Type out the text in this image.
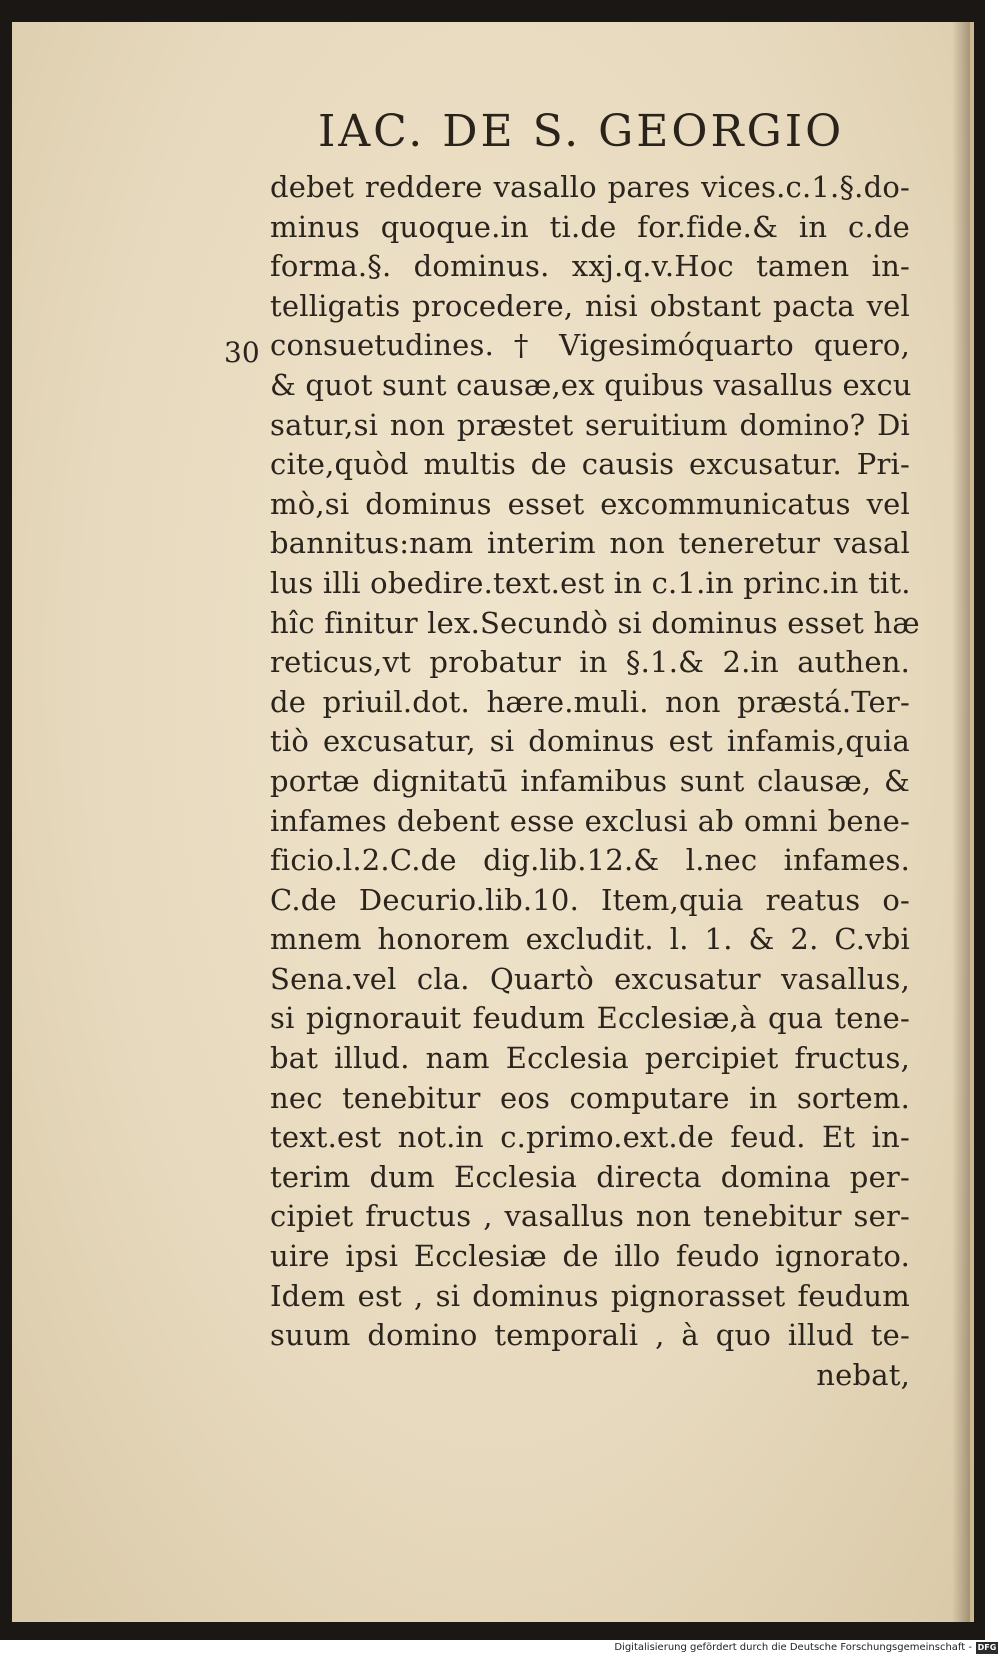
IAC. DE S. GEORGIO
30
debet reddere vasallo pares vices.c.1.§.do-
minus quoque.in ti.de for.fide.& in c.de
forma.§. dominus. xxj.q.v.Hoc tamen in-
telligatis procedere, nisi obstant pacta vel
consuetudines. † Vigesimóquarto quero,
& quot sunt causæ,ex quibus vasallus excu
satur,si non præstet seruitium domino? Di
cite,quòd multis de causis excusatur. Pri-
mò,si dominus esset excommunicatus vel
bannitus:nam interim non teneretur vasal
lus illi obedire.text.est in c.1.in princ.in tit.
hîc finitur lex.Secundò si dominus esset hæ
reticus,vt probatur in §.1.& 2.in authen.
de priuil.dot. hære.muli. non præstá.Ter-
tiò excusatur, si dominus est infamis,quia
portæ dignitatū infamibus sunt clausæ, &
infames debent esse exclusi ab omni bene-
ficio.l.2.C.de dig.lib.12.& l.nec infames.
C.de Decurio.lib.10. Item,quia reatus o-
mnem honorem excludit. l. 1. & 2. C.vbi
Sena.vel cla. Quartò excusatur vasallus,
si pignorauit feudum Ecclesiæ,à qua tene-
bat illud. nam Ecclesia percipiet fructus,
nec tenebitur eos computare in sortem.
text.est not.in c.primo.ext.de feud. Et in-
terim dum Ecclesia directa domina per-
cipiet fructus , vasallus non tenebitur ser-
uire ipsi Ecclesiæ de illo feudo ignorato.
Idem est , si dominus pignorasset feudum
suum domino temporali , à quo illud te-
nebat,
Digitalisierung gefördert durch die Deutsche Forschungsgemeinschaft - DFG
